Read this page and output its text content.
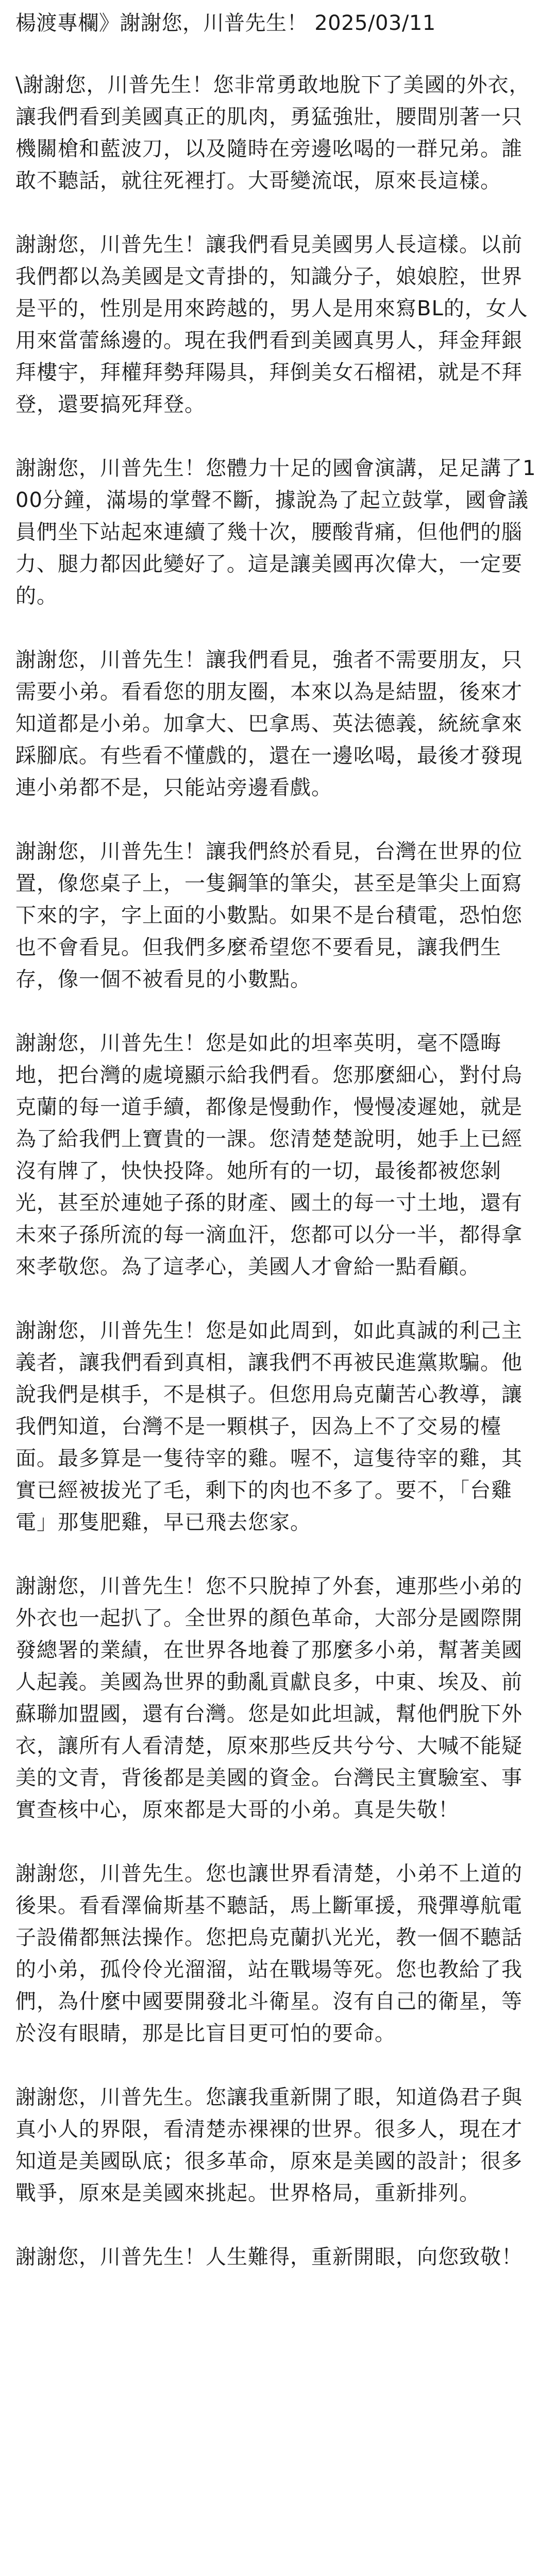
楊渡專欄》謝謝您，川普先生！ 2025/03/11

\謝謝您，川普先生！您非常勇敢地脫下了美國的外衣，讓我們看到美國真正的肌肉，勇猛強壯，腰間別著一只機關槍和藍波刀，以及隨時在旁邊吆喝的一群兄弟。誰敢不聽話，就往死裡打。大哥變流氓，原來長這樣。

謝謝您，川普先生！讓我們看見美國男人長這樣。以前我們都以為美國是文青掛的，知識分子，娘娘腔，世界是平的，性別是用來跨越的，男人是用來寫BL的，女人用來當蕾絲邊的。現在我們看到美國真男人，拜金拜銀拜樓宇，拜權拜勢拜陽具，拜倒美女石榴裙，就是不拜登，還要搞死拜登。

謝謝您，川普先生！您體力十足的國會演講，足足講了100分鐘，滿場的掌聲不斷，據說為了起立鼓掌，國會議員們坐下站起來連續了幾十次，腰酸背痛，但他們的腦力、腿力都因此變好了。這是讓美國再次偉大，一定要的。

謝謝您，川普先生！讓我們看見，強者不需要朋友，只需要小弟。看看您的朋友圈，本來以為是結盟，後來才知道都是小弟。加拿大、巴拿馬、英法德義，統統拿來踩腳底。有些看不懂戲的，還在一邊吆喝，最後才發現連小弟都不是，只能站旁邊看戲。

謝謝您，川普先生！讓我們終於看見，台灣在世界的位置，像您桌子上，一隻鋼筆的筆尖，甚至是筆尖上面寫下來的字，字上面的小數點。如果不是台積電，恐怕您也不會看見。但我們多麼希望您不要看見，讓我們生存，像一個不被看見的小數點。

謝謝您，川普先生！您是如此的坦率英明，毫不隱晦地，把台灣的處境顯示給我們看。您那麼細心，對付烏克蘭的每一道手續，都像是慢動作，慢慢凌遲她，就是為了給我們上寶貴的一課。您清楚楚說明，她手上已經沒有牌了，快快投降。她所有的一切，最後都被您剝光，甚至於連她子孫的財產、國土的每一寸土地，還有未來子孫所流的每一滴血汗，您都可以分一半，都得拿來孝敬您。為了這孝心，美國人才會給一點看顧。

謝謝您，川普先生！您是如此周到，如此真誠的利己主義者，讓我們看到真相，讓我們不再被民進黨欺騙。他說我們是棋手，不是棋子。但您用烏克蘭苦心教導，讓我們知道，台灣不是一顆棋子，因為上不了交易的檯面。最多算是一隻待宰的雞。喔不，這隻待宰的雞，其實已經被拔光了毛，剩下的肉也不多了。要不，「台雞電」那隻肥雞，早已飛去您家。

謝謝您，川普先生！您不只脫掉了外套，連那些小弟的外衣也一起扒了。全世界的顏色革命，大部分是國際開發總署的業績，在世界各地養了那麼多小弟，幫著美國人起義。美國為世界的動亂貢獻良多，中東、埃及、前蘇聯加盟國，還有台灣。您是如此坦誠，幫他們脫下外衣，讓所有人看清楚，原來那些反共兮兮、大喊不能疑美的文青，背後都是美國的資金。台灣民主實驗室、事實查核中心，原來都是大哥的小弟。真是失敬！

謝謝您，川普先生。您也讓世界看清楚，小弟不上道的後果。看看澤倫斯基不聽話，馬上斷軍援，飛彈導航電子設備都無法操作。您把烏克蘭扒光光，教一個不聽話的小弟，孤伶伶光溜溜，站在戰場等死。您也教給了我們，為什麼中國要開發北斗衛星。沒有自己的衛星，等於沒有眼睛，那是比盲目更可怕的要命。

謝謝您，川普先生。您讓我重新開了眼，知道偽君子與真小人的界限，看清楚赤裸裸的世界。很多人，現在才知道是美國臥底；很多革命，原來是美國的設計；很多戰爭，原來是美國來挑起。世界格局，重新排列。

謝謝您，川普先生！人生難得，重新開眼，向您致敬！
